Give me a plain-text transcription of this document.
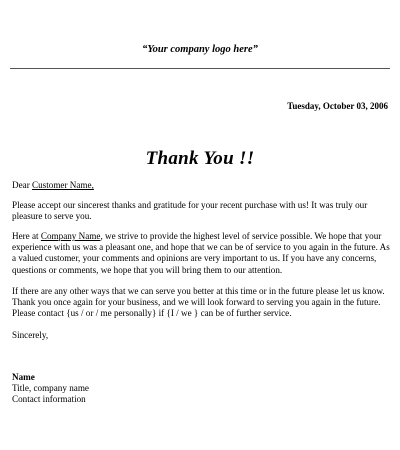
“Your company logo here”
Tuesday, October 03, 2006
Thank You !!
Dear Customer Name,
Please accept our sincerest thanks and gratitude for your recent purchase with us! It was truly our pleasure to serve you.
Here at Company Name, we strive to provide the highest level of service possible. We hope that your experience with us was a pleasant one, and hope that we can be of service to you again in the future. As a valued customer, your comments and opinions are very important to us. If you have any concerns, questions or comments, we hope that you will bring them to our attention.
If there are any other ways that we can serve you better at this time or in the future please let us know. Thank you once again for your business, and we will look forward to serving you again in the future. Please contact {us / or / me personally} if {I / we } can be of further service.
Sincerely,
Name
Title, company name
Contact information
